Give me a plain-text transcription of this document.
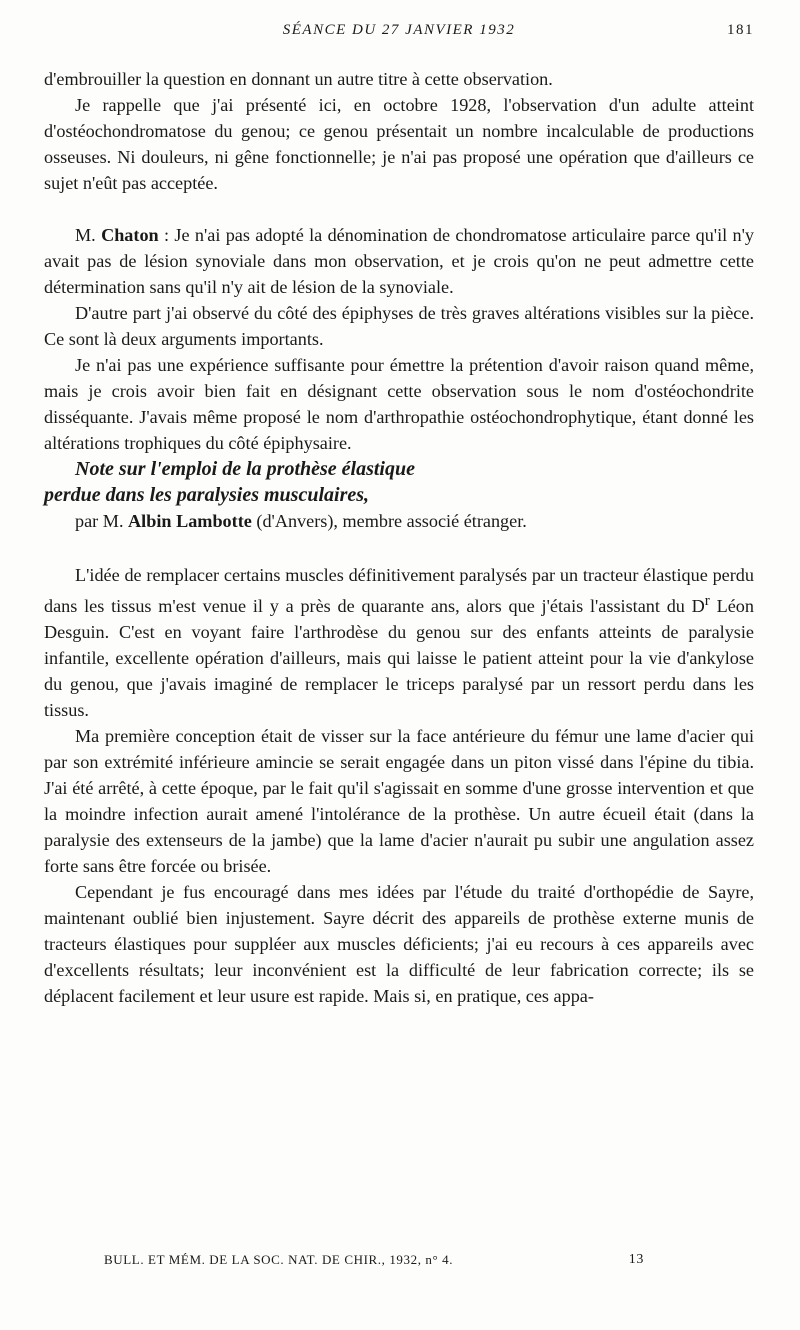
SÉANCE DU 27 JANVIER 1932	181

d'embrouiller la question en donnant un autre titre à cette observation.

Je rappelle que j'ai présenté ici, en octobre 1928, l'observation d'un adulte atteint d'ostéochondromatose du genou; ce genou présentait un nombre incalculable de productions osseuses. Ni douleurs, ni gêne fonctionnelle; je n'ai pas proposé une opération que d'ailleurs ce sujet n'eût pas acceptée.

M. Chaton : Je n'ai pas adopté la dénomination de chondromatose articulaire parce qu'il n'y avait pas de lésion synoviale dans mon observation, et je crois qu'on ne peut admettre cette détermination sans qu'il n'y ait de lésion de la synoviale.

D'autre part j'ai observé du côté des épiphyses de très graves altérations visibles sur la pièce. Ce sont là deux arguments importants.

Je n'ai pas une expérience suffisante pour émettre la prétention d'avoir raison quand même, mais je crois avoir bien fait en désignant cette observation sous le nom d'ostéochondrite disséquante. J'avais même proposé le nom d'arthropathie ostéochondrophytique, étant donné les altérations trophiques du côté épiphysaire.

Note sur l'emploi de la prothèse élastique
perdue dans les paralysies musculaires,

par M. Albin Lambotte (d'Anvers), membre associé étranger.

L'idée de remplacer certains muscles définitivement paralysés par un tracteur élastique perdu dans les tissus m'est venue il y a près de quarante ans, alors que j'étais l'assistant du $D^r$ Léon Desguin. C'est en voyant faire l'arthrodèse du genou sur des enfants atteints de paralysie infantile, excellente opération d'ailleurs, mais qui laisse le patient atteint pour la vie d'ankylose du genou, que j'avais imaginé de remplacer le triceps paralysé par un ressort perdu dans les tissus.

Ma première conception était de visser sur la face antérieure du fémur une lame d'acier qui par son extrémité inférieure amincie se serait engagée dans un piton vissé dans l'épine du tibia. J'ai été arrêté, à cette époque, par le fait qu'il s'agissait en somme d'une grosse intervention et que la moindre infection aurait amené l'intolérance de la prothèse. Un autre écueil était (dans la paralysie des extenseurs de la jambe) que la lame d'acier n'aurait pu subir une angulation assez forte sans être forcée ou brisée.

Cependant je fus encouragé dans mes idées par l'étude du traité d'orthopédie de Sayre, maintenant oublié bien injustement. Sayre décrit des appareils de prothèse externe munis de tracteurs élastiques pour suppléer aux muscles déficients; j'ai eu recours à ces appareils avec d'excellents résultats; leur inconvénient est la difficulté de leur fabrication correcte; ils se déplacent facilement et leur usure est rapide. Mais si, en pratique, ces appa-

BULL. ET MÉM. DE LA SOC. NAT. DE CHIR., 1932, n° 4.	13
